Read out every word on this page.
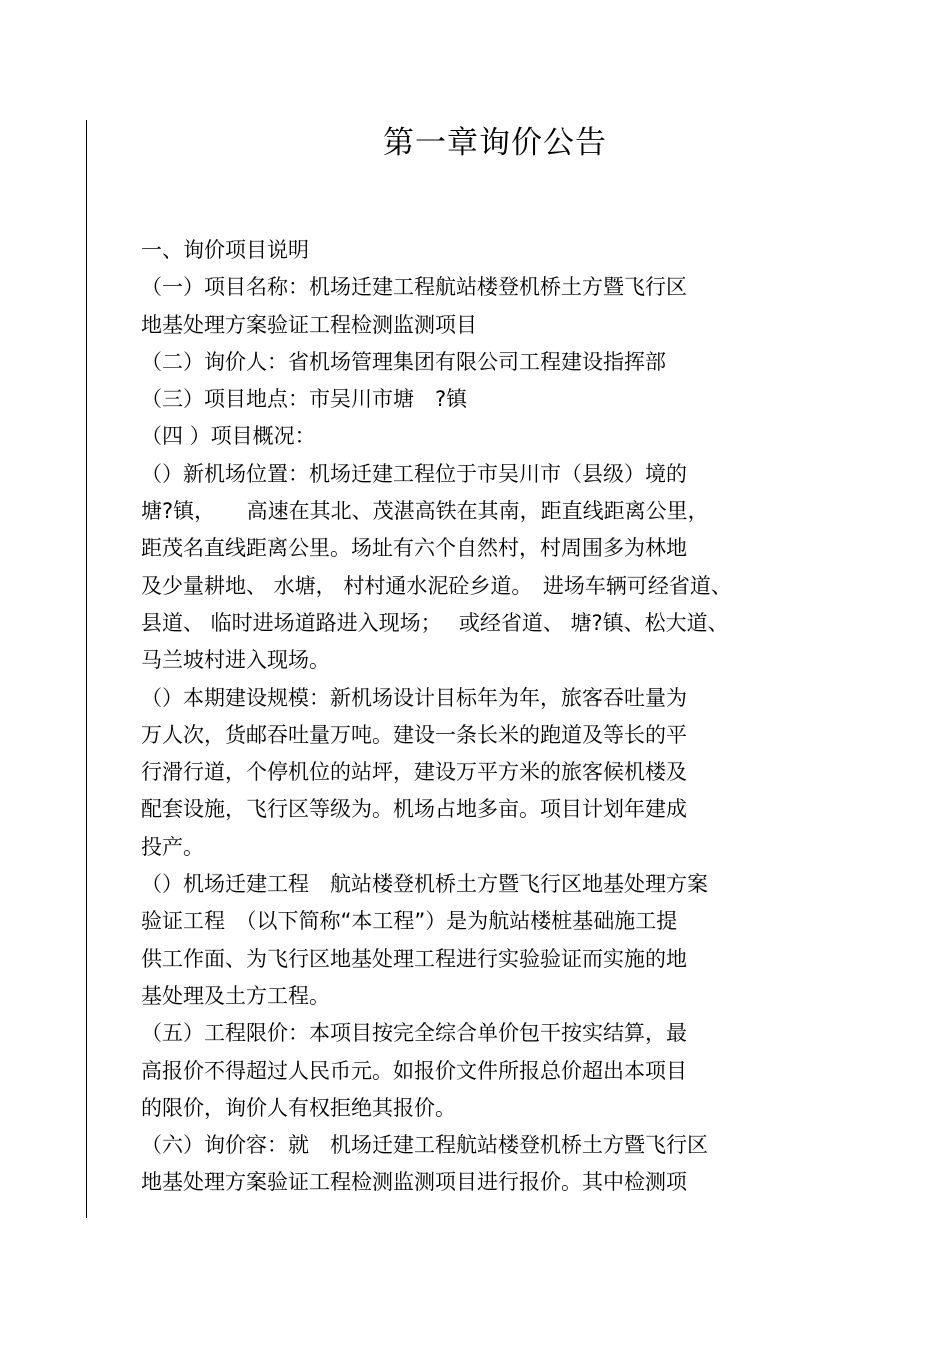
第一章询价公告
一、询价项目说明
（一）项目名称：机场迁建工程航站楼登机桥土方暨飞行区
地基处理方案验证工程检测监测项目
（二）询价人：省机场管理集团有限公司工程建设指挥部
（三）项目地点：市吴川市塘　?镇
（四 ）项目概况：
（）新机场位置：机场迁建工程位于市吴川市（县级）境的
塘?镇，　　高速在其北、茂湛高铁在其南，距直线距离公里，
距茂名直线距离公里。场址有六个自然村，村周围多为林地
及少量耕地、 水塘， 村村通水泥砼乡道。　进场车辆可经省道、
县道、 临时进场道路进入现场；　 或经省道、 塘?镇、松大道、
马兰坡村进入现场。
（）本期建设规模：新机场设计目标年为年，旅客吞吐量为
万人次，货邮吞吐量万吨。建设一条长米的跑道及等长的平
行滑行道，个停机位的站坪，建设万平方米的旅客候机楼及
配套设施，飞行区等级为。机场占地多亩。项目计划年建成
投产。
（）机场迁建工程　航站楼登机桥土方暨飞行区地基处理方案
验证工程　（以下简称“本工程”）是为航站楼桩基础施工提
供工作面、为飞行区地基处理工程进行实验验证而实施的地
基处理及土方工程。
（五）工程限价：本项目按完全综合单价包干按实结算，最
高报价不得超过人民币元。如报价文件所报总价超出本项目
的限价，询价人有权拒绝其报价。
（六）询价容：就　机场迁建工程航站楼登机桥土方暨飞行区
地基处理方案验证工程检测监测项目进行报价。其中检测项
